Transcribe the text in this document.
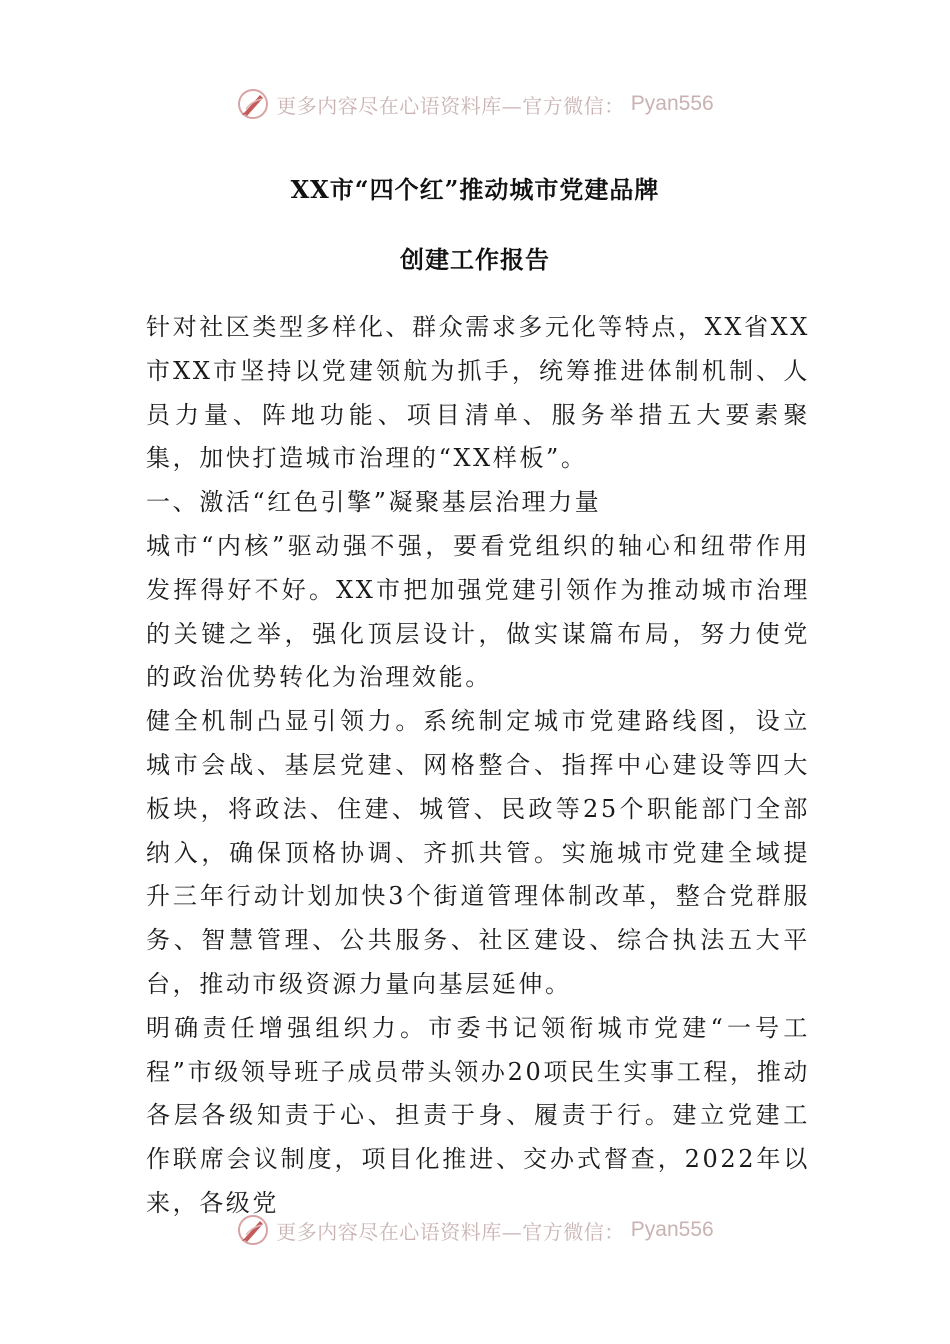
更多内容尽在心语资料库—官方微信： Pyan556
XX市“四个红”推动城市党建品牌
创建工作报告

针对社区类型多样化、群众需求多元化等特点，XX省XX市XX市坚持以党建领航为抓手，统筹推进体制机制、人员力量、阵地功能、项目清单、服务举措五大要素聚集，加快打造城市治理的“XX样板”。

一、激活“红色引擎”凝聚基层治理力量

城市“内核”驱动强不强，要看党组织的轴心和纽带作用发挥得好不好。XX市把加强党建引领作为推动城市治理的关键之举，强化顶层设计，做实谋篇布局，努力使党的政治优势转化为治理效能。

健全机制凸显引领力。系统制定城市党建路线图，设立城市会战、基层党建、网格整合、指挥中心建设等四大板块，将政法、住建、城管、民政等25个职能部门全部纳入，确保顶格协调、齐抓共管。实施城市党建全域提升三年行动计划加快3个街道管理体制改革，整合党群服务、智慧管理、公共服务、社区建设、综合执法五大平台，推动市级资源力量向基层延伸。

明确责任增强组织力。市委书记领衔城市党建“一号工程”市级领导班子成员带头领办20项民生实事工程，推动各层各级知责于心、担责于身、履责于行。建立党建工作联席会议制度，项目化推进、交办式督查，2022年以来，各级党

更多内容尽在心语资料库—官方微信： Pyan556
